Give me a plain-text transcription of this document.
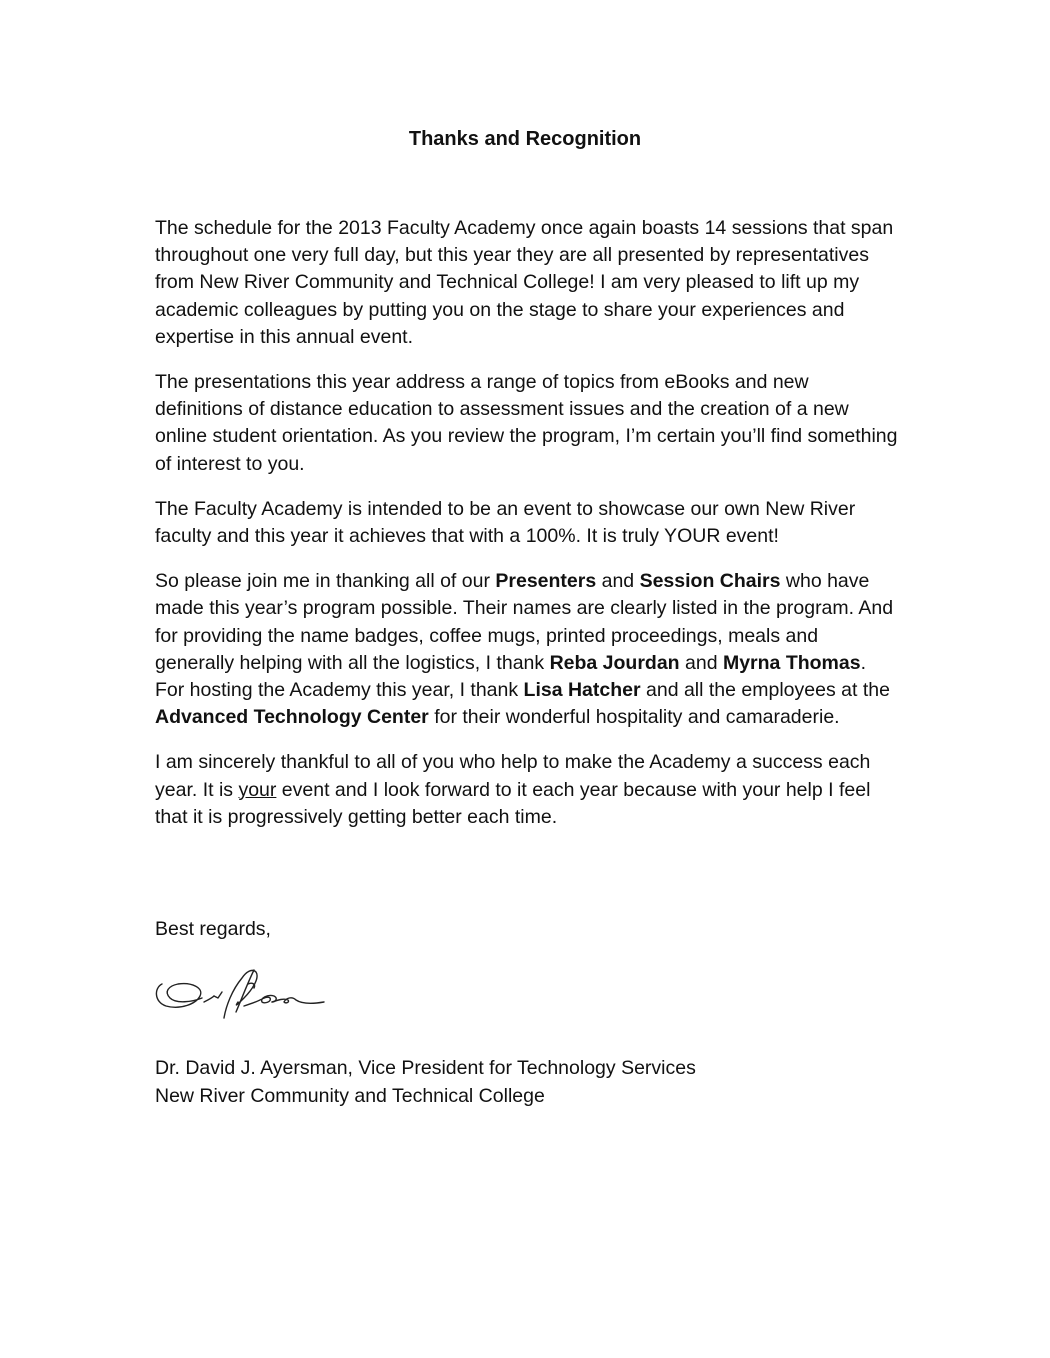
Thanks and Recognition

The schedule for the 2013 Faculty Academy once again boasts 14 sessions that span throughout one very full day, but this year they are all presented by representatives from New River Community and Technical College! I am very pleased to lift up my academic colleagues by putting you on the stage to share your experiences and expertise in this annual event.

The presentations this year address a range of topics from eBooks and new definitions of distance education to assessment issues and the creation of a new online student orientation. As you review the program, I’m certain you’ll find something of interest to you.

The Faculty Academy is intended to be an event to showcase our own New River faculty and this year it achieves that with a 100%. It is truly YOUR event!

So please join me in thanking all of our Presenters and Session Chairs who have made this year’s program possible. Their names are clearly listed in the program. And for providing the name badges, coffee mugs, printed proceedings, meals and generally helping with all the logistics, I thank Reba Jourdan and Myrna Thomas. For hosting the Academy this year, I thank Lisa Hatcher and all the employees at the Advanced Technology Center for their wonderful hospitality and camaraderie.

I am sincerely thankful to all of you who help to make the Academy a success each year. It is your event and I look forward to it each year because with your help I feel that it is progressively getting better each time.

Best regards,
Dr. David J. Ayersman, Vice President for Technology Services
New River Community and Technical College
